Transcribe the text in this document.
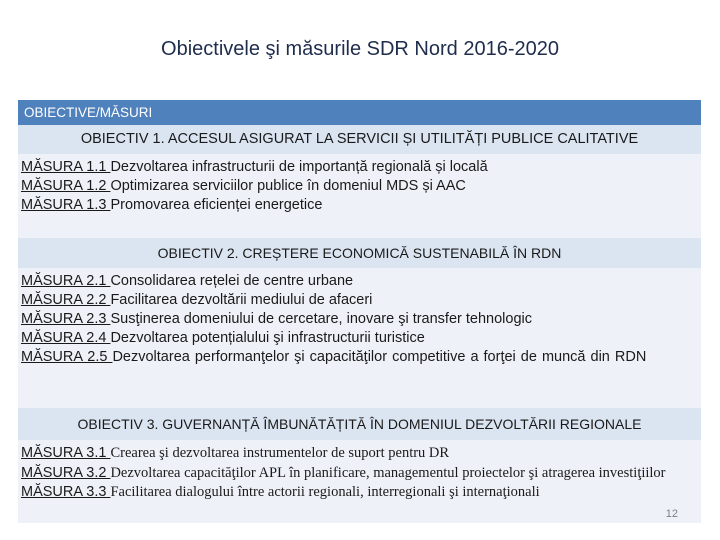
Obiectivele şi măsurile SDR Nord 2016-2020
OBIECTIVE/MĂSURI
OBIECTIV 1. ACCESUL ASIGURAT LA SERVICII ȘI UTILITĂȚI PUBLICE CALITATIVE
MĂSURA 1.1 Dezvoltarea infrastructurii de importanță regională și locală
MĂSURA 1.2 Optimizarea serviciilor publice în domeniul MDS și AAC
MĂSURA 1.3 Promovarea eficienței energetice
OBIECTIV 2. CREȘTERE ECONOMICĂ SUSTENABILĂ ÎN RDN
MĂSURA 2.1 Consolidarea rețelei de centre urbane
MĂSURA 2.2 Facilitarea dezvoltării mediului de afaceri
MĂSURA 2.3 Susţinerea domeniului de cercetare, inovare şi transfer tehnologic
MĂSURA 2.4 Dezvoltarea potențialului şi infrastructurii turistice
MĂSURA 2.5 Dezvoltarea performanţelor şi capacităţilor competitive a forţei de muncă din RDN
OBIECTIV 3. GUVERNANȚĂ ÎMBUNĂTĂȚITĂ ÎN DOMENIUL DEZVOLTĂRII REGIONALE
MĂSURA 3.1 Crearea şi dezvoltarea instrumentelor de suport pentru DR
MĂSURA 3.2 Dezvoltarea capacităţilor APL în planificare, managementul proiectelor şi atragerea investiţiilor
MĂSURA 3.3 Facilitarea dialogului între actorii regionali, interregionali şi internaţionali
12
